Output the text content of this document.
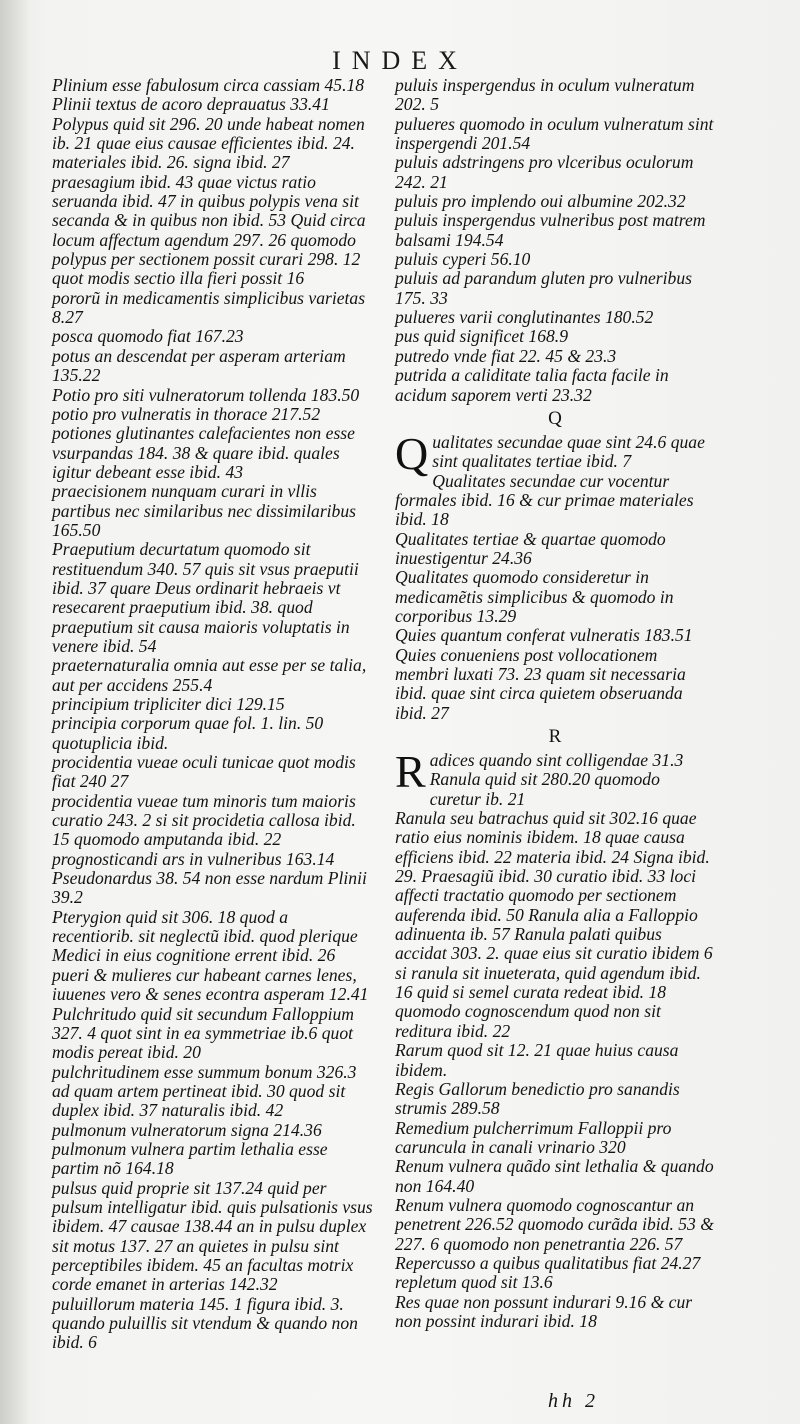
INDEX

Plinium esse fabulosum circa cassiam 45.18

Plinii textus de acoro deprauatus 33.41

Polypus quid sit 296. 20 unde habeat nomen ib. 21 quae eius causae efficientes ibid. 24. materiales ibid. 26. signa ibid. 27 praesagium ibid. 43 quae victus ratio seruanda ibid. 47 in quibus polypis vena sit secanda & in quibus non ibid. 53 Quid circa locum affectum agendum 297. 26 quomodo polypus per sectionem possit curari 298. 12 quot modis sectio illa fieri possit 16

pororũ in medicamentis simplicibus varietas 8.27

posca quomodo fiat 167.23

potus an descendat per asperam arteriam 135.22

Potio pro siti vulneratorum tollenda 183.50

potio pro vulneratis in thorace 217.52

potiones glutinantes calefacientes non esse vsurpandas 184. 38 & quare ibid. quales igitur debeant esse ibid. 43

praecisionem nunquam curari in vllis partibus nec similaribus nec dissimilaribus 165.50

Praeputium decurtatum quomodo sit restituendum 340. 57 quis sit vsus praeputii ibid. 37 quare Deus ordinarit hebraeis vt resecarent praeputium ibid. 38. quod praeputium sit causa maioris voluptatis in venere ibid. 54

praeternaturalia omnia aut esse per se talia, aut per accidens 255.4

principium tripliciter dici 129.15

principia corporum quae fol. 1. lin. 50 quotuplicia ibid.

procidentia vueae oculi tunicae quot modis fiat 240 27

procidentia vueae tum minoris tum maioris curatio 243. 2 si sit procidetia callosa ibid. 15 quomodo amputanda ibid. 22

prognosticandi ars in vulneribus 163.14

Pseudonardus 38. 54 non esse nardum Plinii 39.2

Pterygion quid sit 306. 18 quod a recentiorib. sit neglectũ ibid. quod plerique Medici in eius cognitione errent ibid. 26

pueri & mulieres cur habeant carnes lenes, iuuenes vero & senes econtra asperam 12.41

Pulchritudo quid sit secundum Falloppium 327. 4 quot sint in ea symmetriae ib.6 quot modis pereat ibid. 20

pulchritudinem esse summum bonum 326.3 ad quam artem pertineat ibid. 30 quod sit duplex ibid. 37 naturalis ibid. 42

pulmonum vulneratorum signa 214.36

pulmonum vulnera partim lethalia esse partim nõ 164.18

pulsus quid proprie sit 137.24 quid per pulsum intelligatur ibid. quis pulsationis vsus ibidem. 47 causae 138.44 an in pulsu duplex sit motus 137. 27 an quietes in pulsu sint perceptibiles ibidem. 45 an facultas motrix corde emanet in arterias 142.32

puluillorum materia 145. 1 figura ibid. 3. quando puluillis sit vtendum & quando non ibid. 6

puluis inspergendus in oculum vulneratum 202. 5

pulueres quomodo in oculum vulneratum sint inspergendi 201.54

puluis adstringens pro vlceribus oculorum 242. 21

puluis pro implendo oui albumine 202.32

puluis inspergendus vulneribus post matrem balsami 194.54

puluis cyperi 56.10

puluis ad parandum gluten pro vulneribus 175. 33

pulueres varii conglutinantes 180.52

pus quid significet 168.9

putredo vnde fiat 22. 45 & 23.3

putrida a caliditate talia facta facile in acidum saporem verti 23.32

Q
Q ualitates secundae quae sint 24.6 quae sint qualitates tertiae ibid. 7

Qualitates secundae cur vocentur formales ibid. 16 & cur primae materiales ibid. 18

Qualitates tertiae & quartae quomodo inuestigentur 24.36

Qualitates quomodo consideretur in medicamẽtis simplicibus & quomodo in corporibus 13.29

Quies quantum conferat vulneratis 183.51

Quies conueniens post vollocationem membri luxati 73. 23 quam sit necessaria ibid. quae sint circa quietem obseruanda ibid. 27

R
R adices quando sint colligendae 31.3

Ranula quid sit 280.20 quomodo curetur ib. 21

Ranula seu batrachus quid sit 302.16 quae ratio eius nominis ibidem. 18 quae causa efficiens ibid. 22 materia ibid. 24 Signa ibid. 29. Praesagiũ ibid. 30 curatio ibid. 33 loci affecti tractatio quomodo per sectionem auferenda ibid. 50 Ranula alia a Falloppio adinuenta ib. 57 Ranula palati quibus accidat 303. 2. quae eius sit curatio ibidem 6 si ranula sit inueterata, quid agendum ibid. 16 quid si semel curata redeat ibid. 18 quomodo cognoscendum quod non sit reditura ibid. 22

Rarum quod sit 12. 21 quae huius causa ibidem.

Regis Gallorum benedictio pro sanandis strumis 289.58

Remedium pulcherrimum Falloppii pro caruncula in canali vrinario 320

Renum vulnera quãdo sint lethalia & quando non 164.40

Renum vulnera quomodo cognoscantur an penetrent 226.52 quomodo curãda ibid. 53 & 227. 6 quomodo non penetrantia 226. 57

Repercusso a quibus qualitatibus fiat 24.27

repletum quod sit 13.6

Res quae non possunt indurari 9.16 & cur non possint indurari ibid. 18

hh 2
